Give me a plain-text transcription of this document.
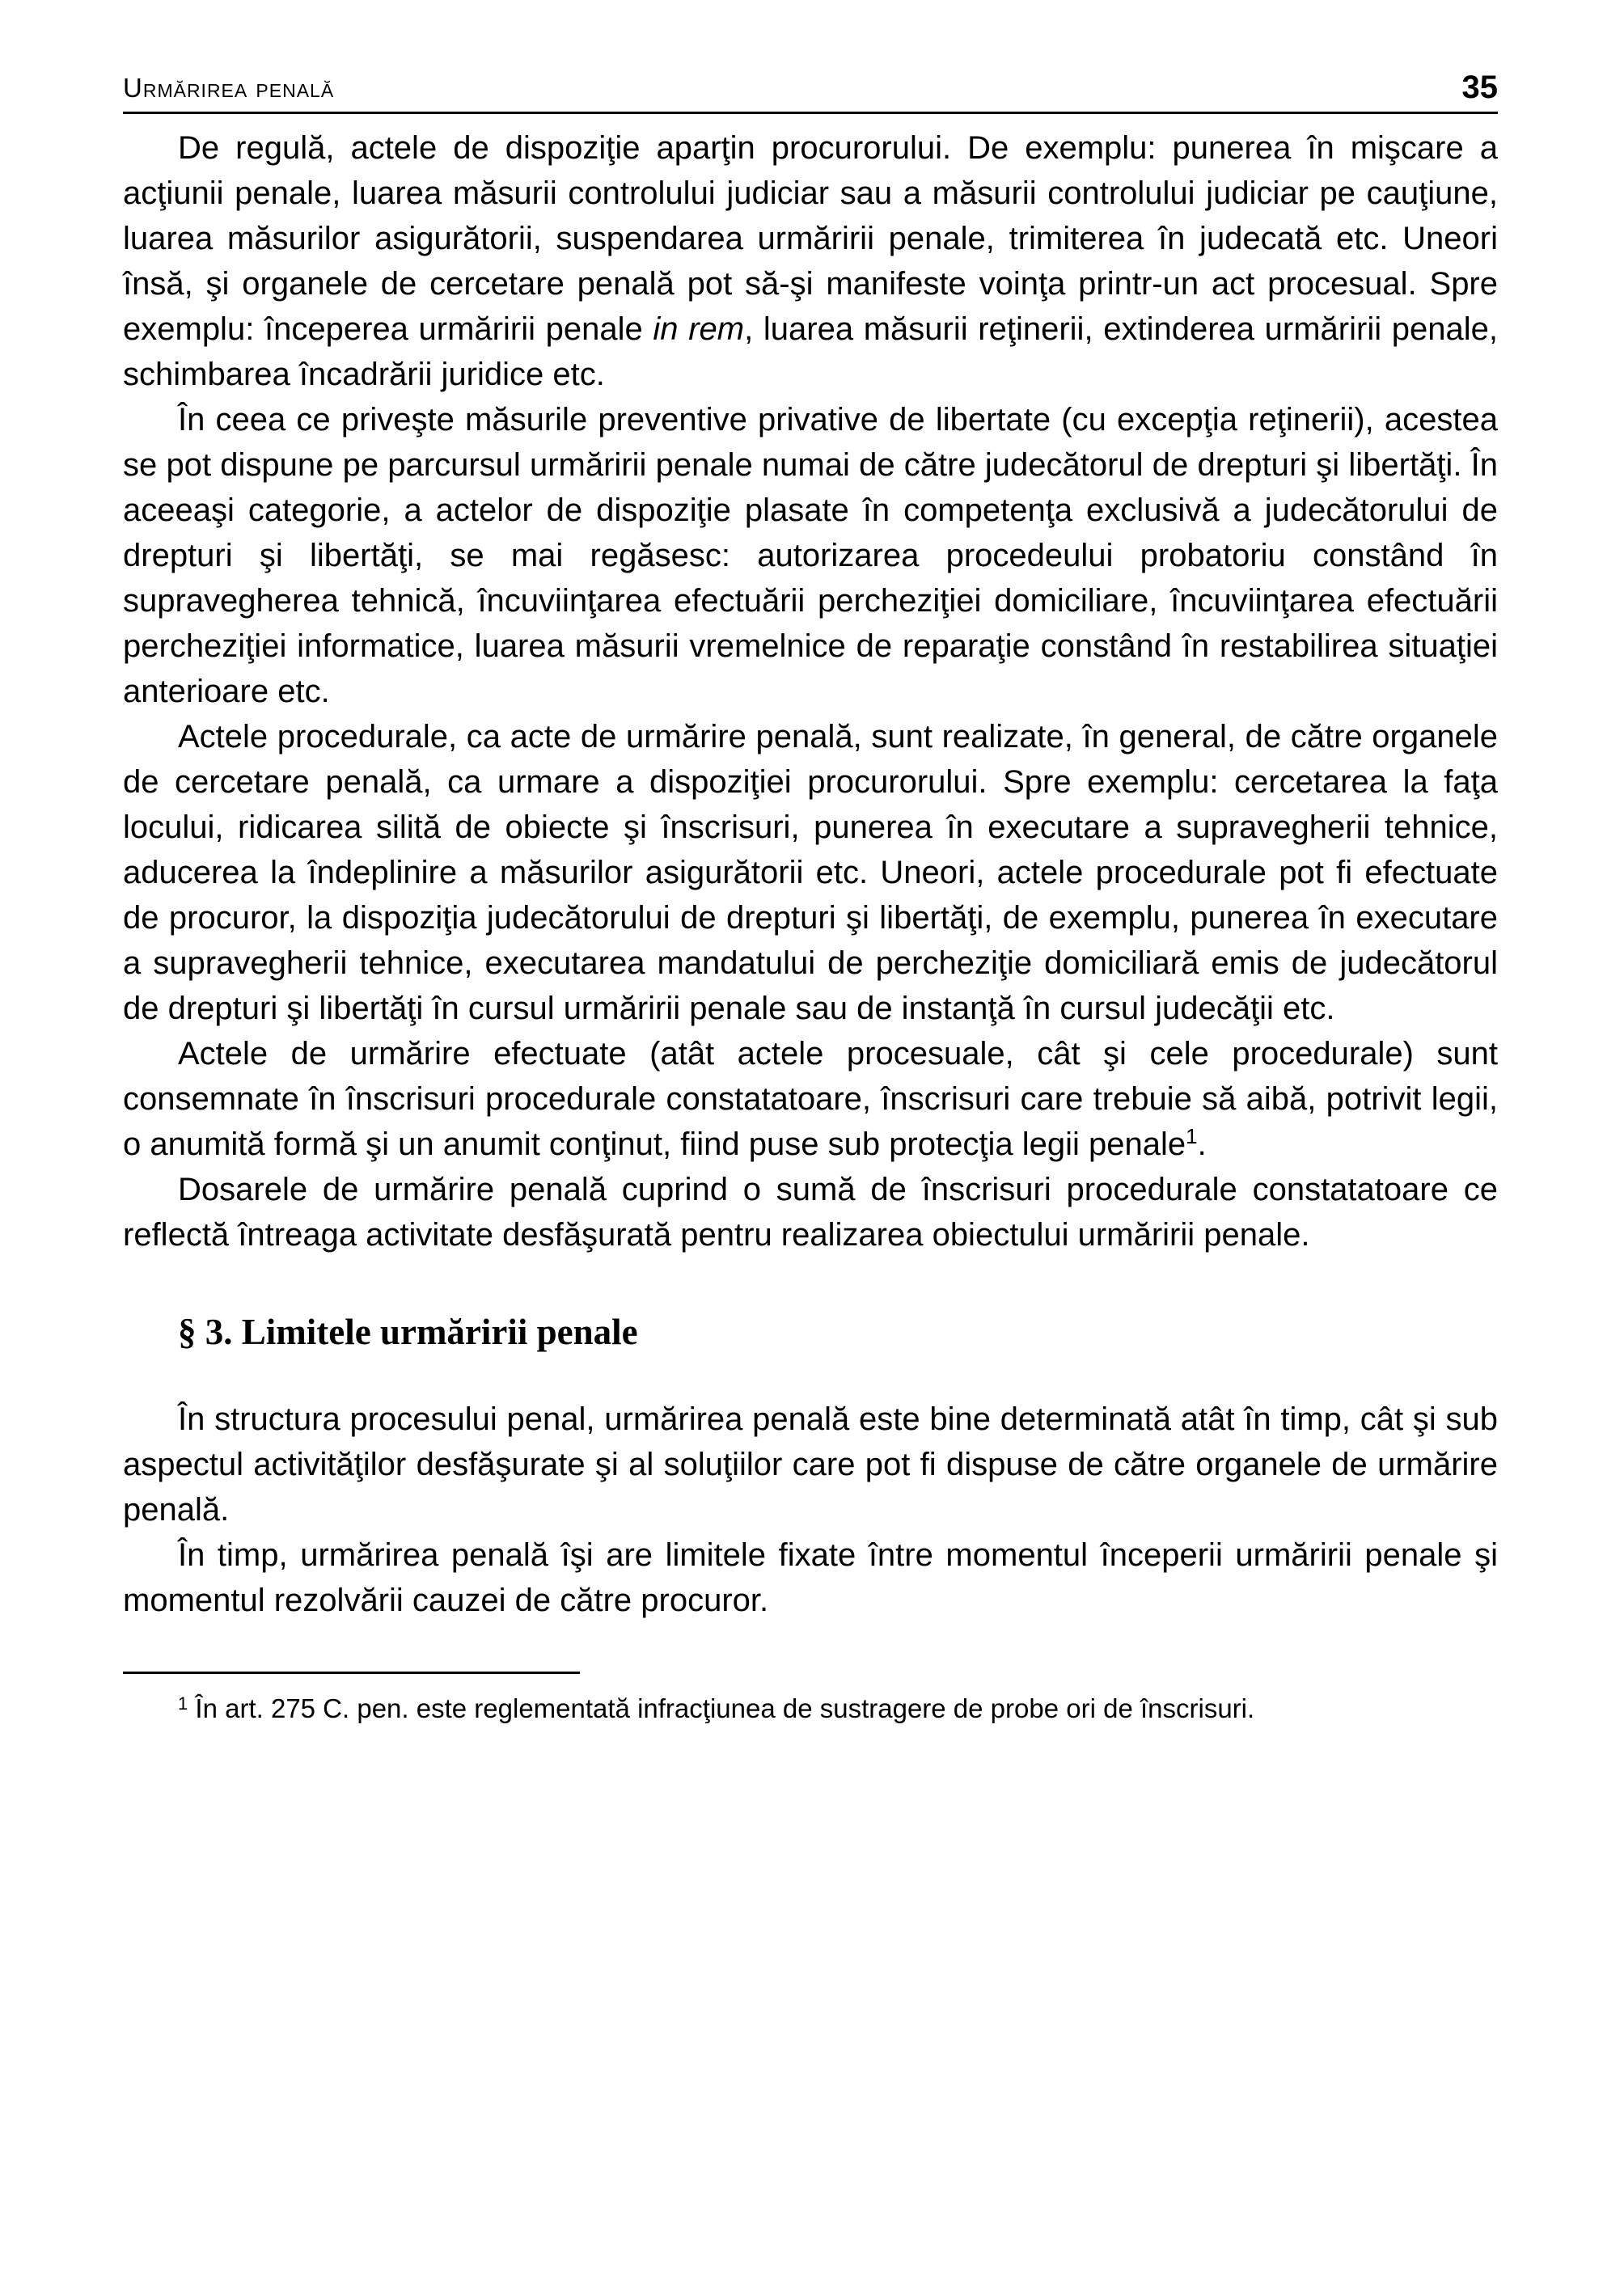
Urmărirea penală	35

De regulă, actele de dispoziţie aparţin procurorului. De exemplu: punerea în mişcare a acţiunii penale, luarea măsurii controlului judiciar sau a măsurii controlului judiciar pe cauţiune, luarea măsurilor asigurătorii, suspendarea urmăririi penale, trimiterea în judecată etc. Uneori însă, şi organele de cercetare penală pot să-şi manifeste voinţa printr-un act procesual. Spre exemplu: începerea urmăririi penale in rem, luarea măsurii reţinerii, extinderea urmăririi penale, schimbarea încadrării juridice etc.

În ceea ce priveşte măsurile preventive privative de libertate (cu excepţia reţinerii), acestea se pot dispune pe parcursul urmăririi penale numai de către judecătorul de drepturi şi libertăţi. În aceeaşi categorie, a actelor de dispoziţie plasate în competenţa exclusivă a judecătorului de drepturi şi libertăţi, se mai regăsesc: autorizarea procedeului probatoriu constând în supravegherea tehnică, încuviinţarea efectuării percheziţiei domiciliare, încuviinţarea efectuării percheziţiei informatice, luarea măsurii vremelnice de reparaţie constând în restabilirea situaţiei anterioare etc.

Actele procedurale, ca acte de urmărire penală, sunt realizate, în general, de către organele de cercetare penală, ca urmare a dispoziţiei procurorului. Spre exemplu: cercetarea la faţa locului, ridicarea silită de obiecte şi înscrisuri, punerea în executare a supravegherii tehnice, aducerea la îndeplinire a măsurilor asigurătorii etc. Uneori, actele procedurale pot fi efectuate de procuror, la dispoziţia judecătorului de drepturi şi libertăţi, de exemplu, punerea în executare a supravegherii tehnice, executarea mandatului de percheziţie domiciliară emis de judecătorul de drepturi şi libertăţi în cursul urmăririi penale sau de instanţă în cursul judecăţii etc.

Actele de urmărire efectuate (atât actele procesuale, cât şi cele procedurale) sunt consemnate în înscrisuri procedurale constatatoare, înscrisuri care trebuie să aibă, potrivit legii, o anumită formă şi un anumit conţinut, fiind puse sub protecţia legii penale$^1$.

Dosarele de urmărire penală cuprind o sumă de înscrisuri procedurale constatatoare ce reflectă întreaga activitate desfăşurată pentru realizarea obiectului urmăririi penale.

§ 3. Limitele urmăririi penale

În structura procesului penal, urmărirea penală este bine determinată atât în timp, cât şi sub aspectul activităţilor desfăşurate şi al soluţiilor care pot fi dispuse de către organele de urmărire penală.

În timp, urmărirea penală îşi are limitele fixate între momentul începerii urmăririi penale şi momentul rezolvării cauzei de către procuror.

$^1$ În art. 275 C. pen. este reglementată infracţiunea de sustragere de probe ori de înscrisuri.
